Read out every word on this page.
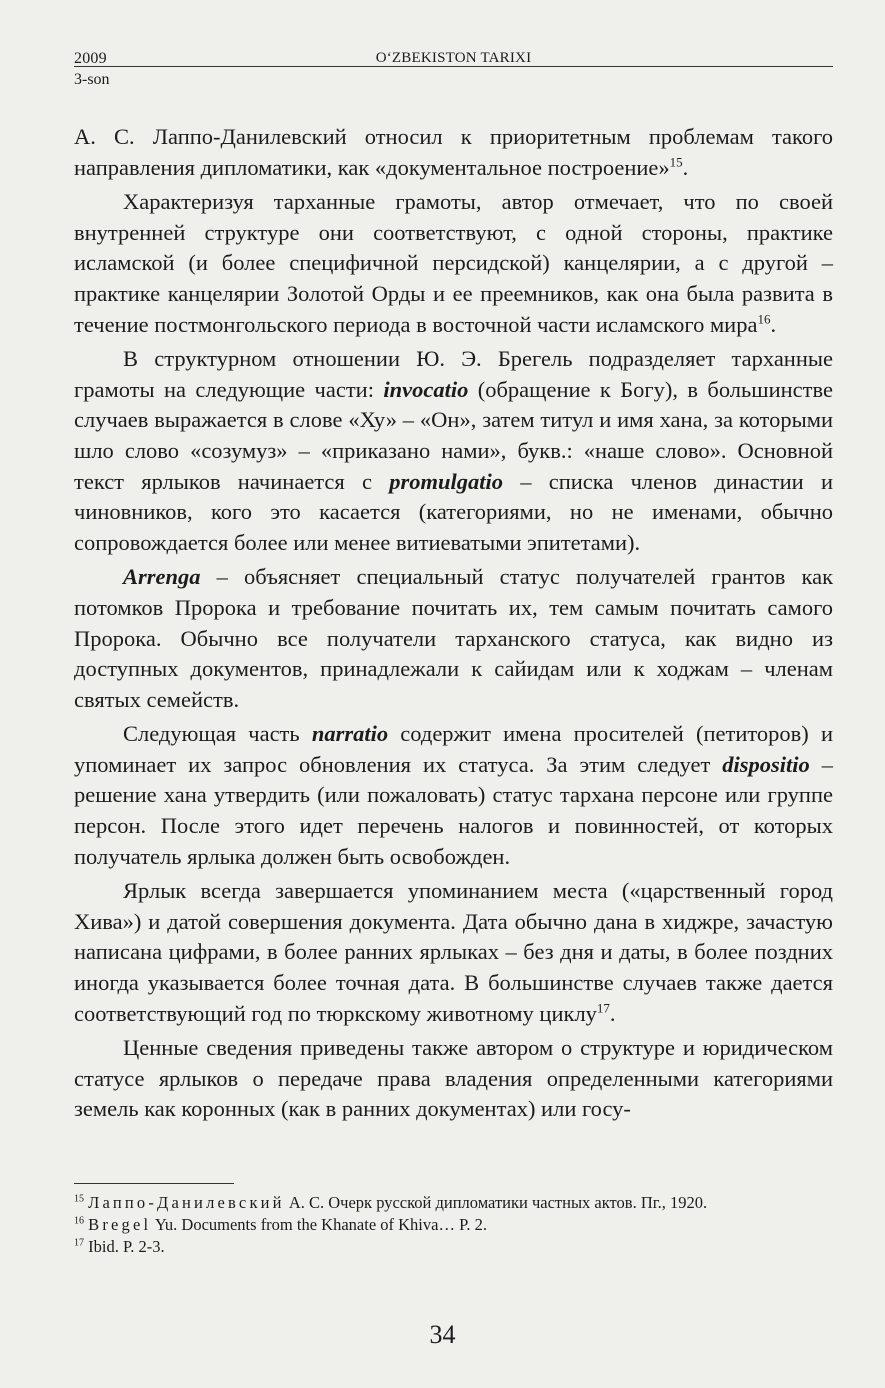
2009	O‘ZBEKISTON TARIXI
3-son

А. С. Лаппо-Данилевский относил к приоритетным проблемам такого направления дипломатики, как «документальное построение»$^{15}$.

Характеризуя тарханные грамоты, автор отмечает, что по своей внутренней структуре они соответствуют, с одной стороны, практике исламской (и более специфичной персидской) канцелярии, а с другой – практике канцелярии Золотой Орды и ее преемников, как она была развита в течение постмонгольского периода в восточной части исламского мира$^{16}$.

В структурном отношении Ю. Э. Брегель подразделяет тарханные грамоты на следующие части: invocatio (обращение к Богу), в большинстве случаев выражается в слове «Ху» – «Он», затем титул и имя хана, за которыми шло слово «созумуз» – «приказано нами», букв.: «наше слово». Основной текст ярлыков начинается с promulgatio – списка членов династии и чиновников, кого это касается (категориями, но не именами, обычно сопровождается более или менее витиеватыми эпитетами).

Arrenga – объясняет специальный статус получателей грантов как потомков Пророка и требование почитать их, тем самым почитать самого Пророка. Обычно все получатели тарханского статуса, как видно из доступных документов, принадлежали к сайидам или к ходжам – членам святых семейств.

Следующая часть narratio содержит имена просителей (петиторов) и упоминает их запрос обновления их статуса. За этим следует dispositio – решение хана утвердить (или пожаловать) статус тархана персоне или группе персон. После этого идет перечень налогов и повинностей, от которых получатель ярлыка должен быть освобожден.

Ярлык всегда завершается упоминанием места («царственный город Хива») и датой совершения документа. Дата обычно дана в хиджре, зачастую написана цифрами, в более ранних ярлыках – без дня и даты, в более поздних иногда указывается более точная дата. В большинстве случаев также дается соответствующий год по тюркскому животному циклу$^{17}$.

Ценные сведения приведены также автором о структуре и юридическом статусе ярлыков о передаче права владения определенными категориями земель как коронных (как в ранних документах) или госу-

$^{15}$ Лаппо-Данилевский А. С. Очерк русской дипломатики частных актов. Пг., 1920.

$^{16}$ Bregel Yu. Documents from the Khanate of Khiva… P. 2.

$^{17}$ Ibid. P. 2-3.

34
